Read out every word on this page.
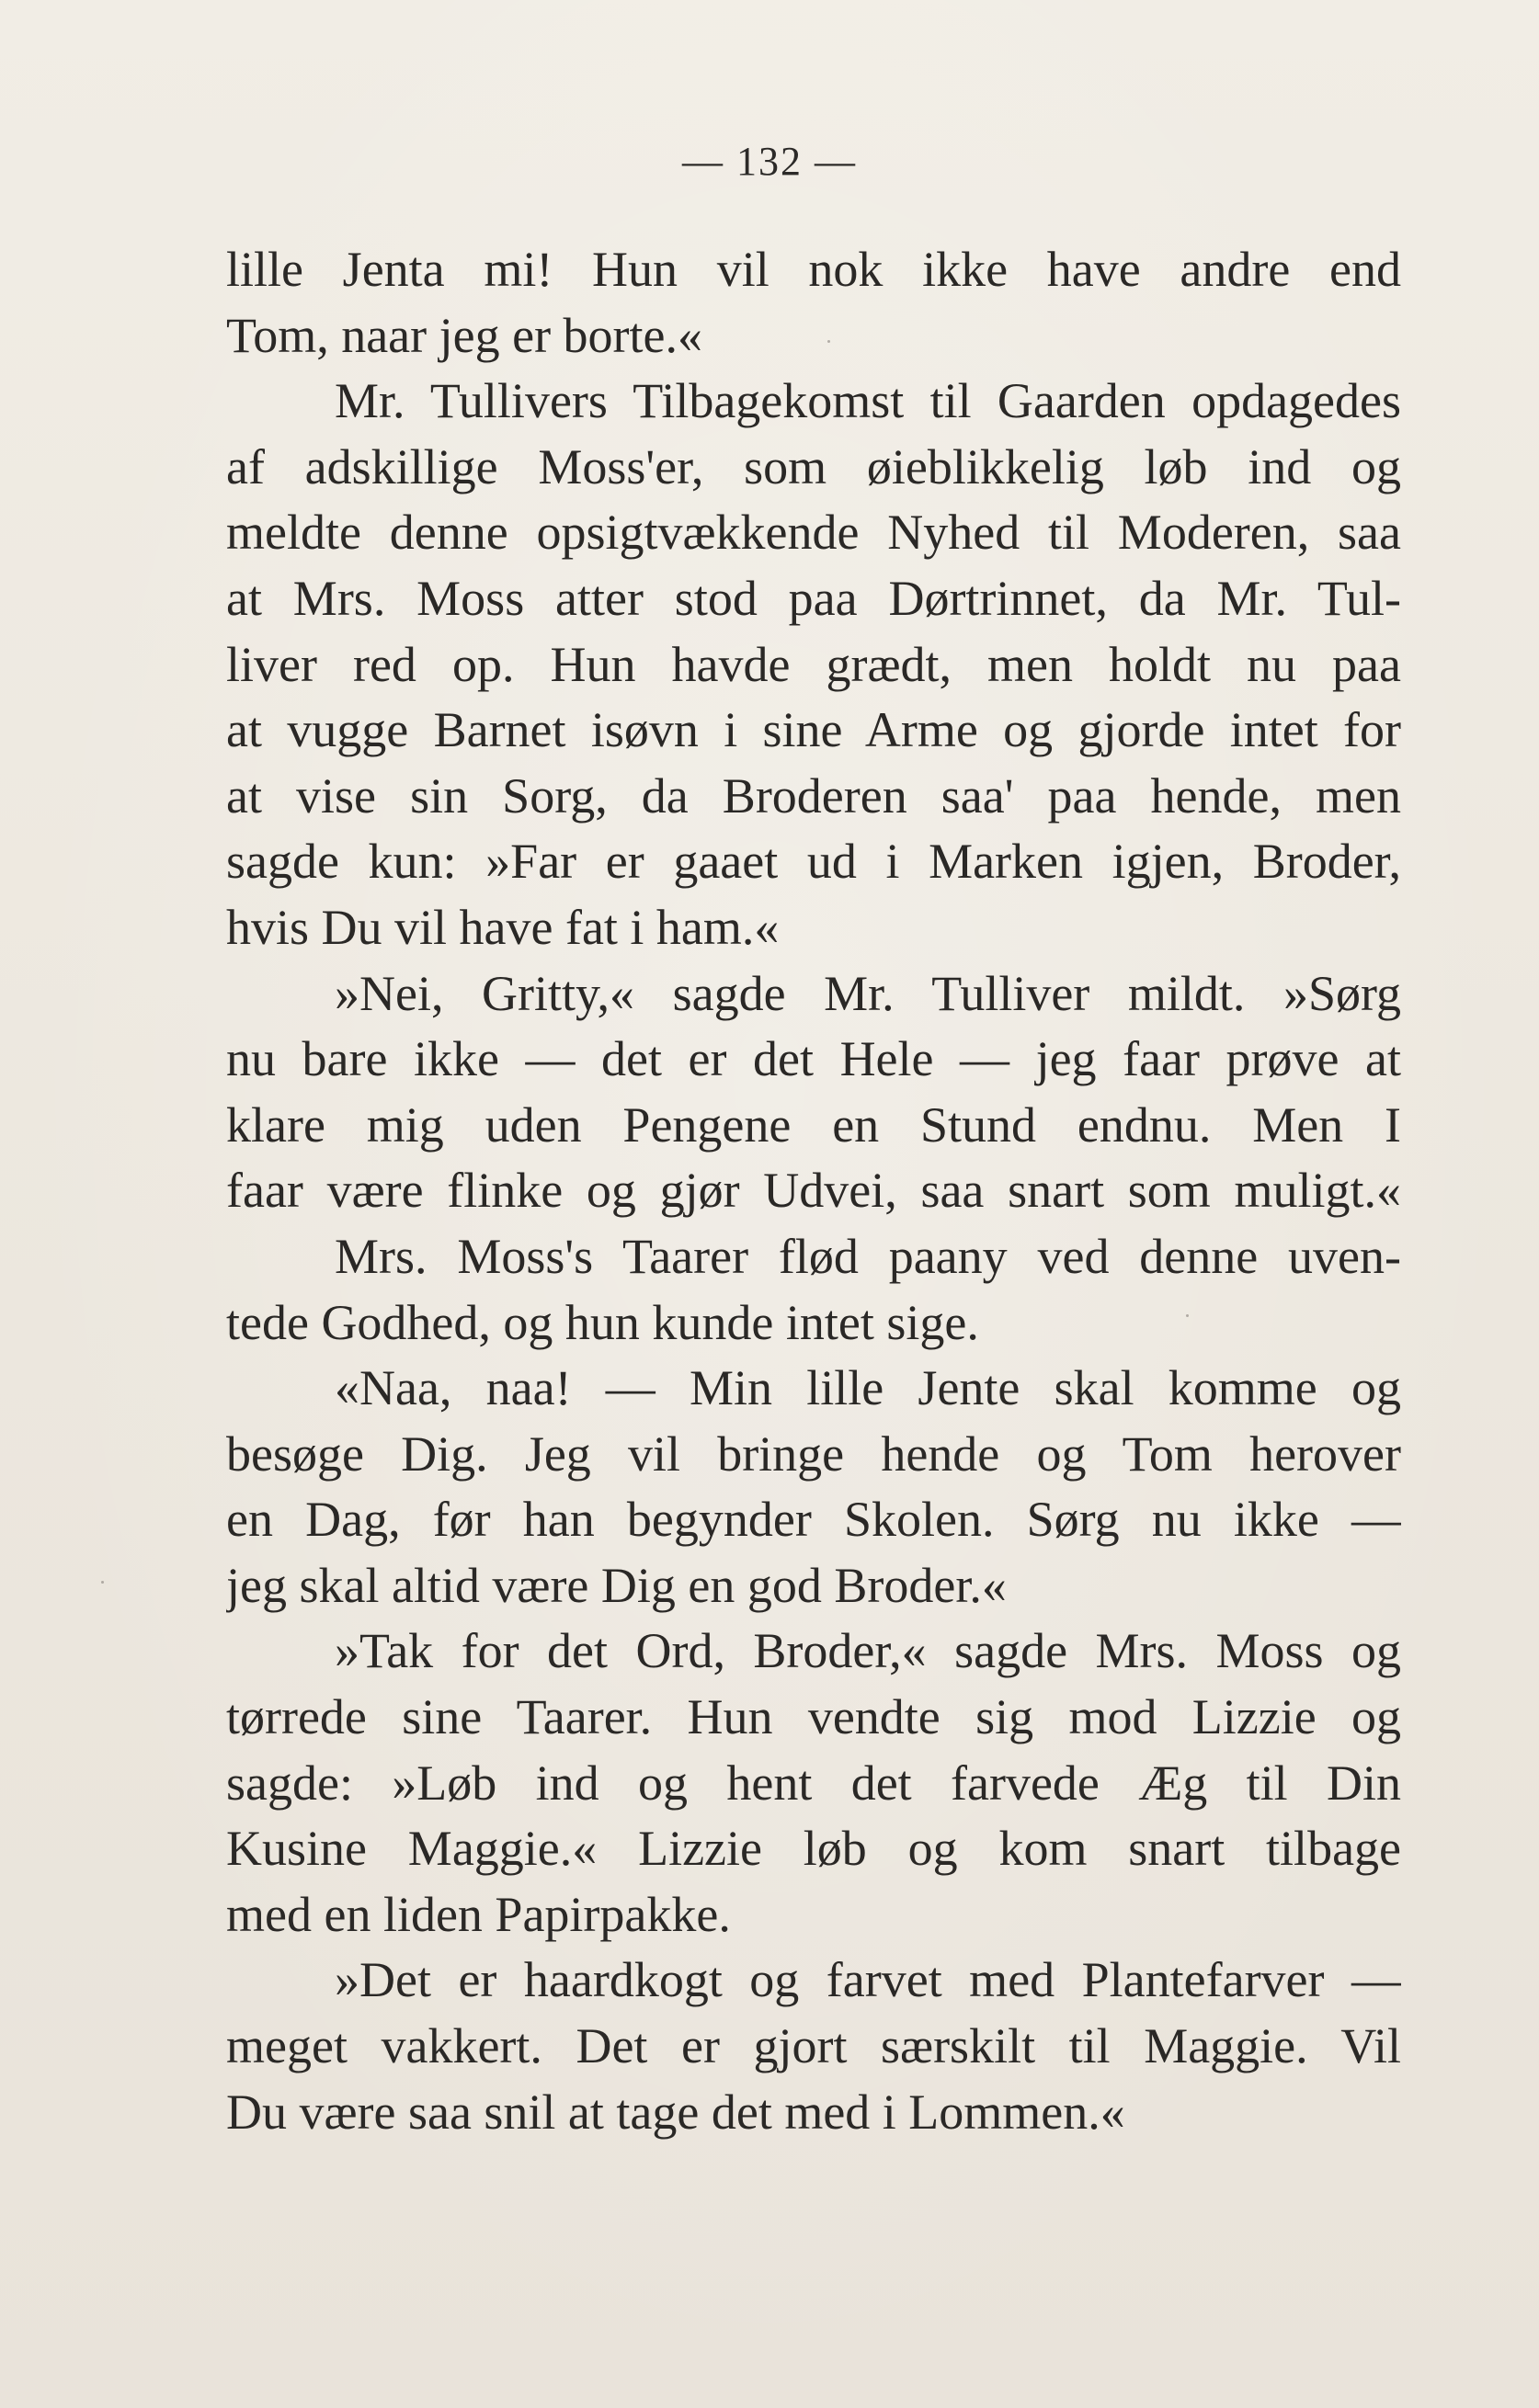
— 132 —
lille Jenta mi! Hun vil nok ikke have andre end
Tom, naar jeg er borte.«
Mr. Tullivers Tilbagekomst til Gaarden opdagedes
af adskillige Moss'er, som øieblikkelig løb ind og
meldte denne opsigtvækkende Nyhed til Moderen, saa
at Mrs. Moss atter stod paa Dørtrinnet, da Mr. Tul-
liver red op. Hun havde grædt, men holdt nu paa
at vugge Barnet isøvn i sine Arme og gjorde intet for
at vise sin Sorg, da Broderen saa' paa hende, men
sagde kun: »Far er gaaet ud i Marken igjen, Broder,
hvis Du vil have fat i ham.«
»Nei, Gritty,« sagde Mr. Tulliver mildt. »Sørg
nu bare ikke — det er det Hele — jeg faar prøve at
klare mig uden Pengene en Stund endnu. Men I
faar være flinke og gjør Udvei, saa snart som muligt.«
Mrs. Moss's Taarer flød paany ved denne uven-
tede Godhed, og hun kunde intet sige.
«Naa, naa! — Min lille Jente skal komme og
besøge Dig. Jeg vil bringe hende og Tom herover
en Dag, før han begynder Skolen. Sørg nu ikke —
jeg skal altid være Dig en god Broder.«
»Tak for det Ord, Broder,« sagde Mrs. Moss og
tørrede sine Taarer. Hun vendte sig mod Lizzie og
sagde: »Løb ind og hent det farvede Æg til Din
Kusine Maggie.« Lizzie løb og kom snart tilbage
med en liden Papirpakke.
»Det er haardkogt og farvet med Plantefarver —
meget vakkert. Det er gjort særskilt til Maggie. Vil
Du være saa snil at tage det med i Lommen.«
